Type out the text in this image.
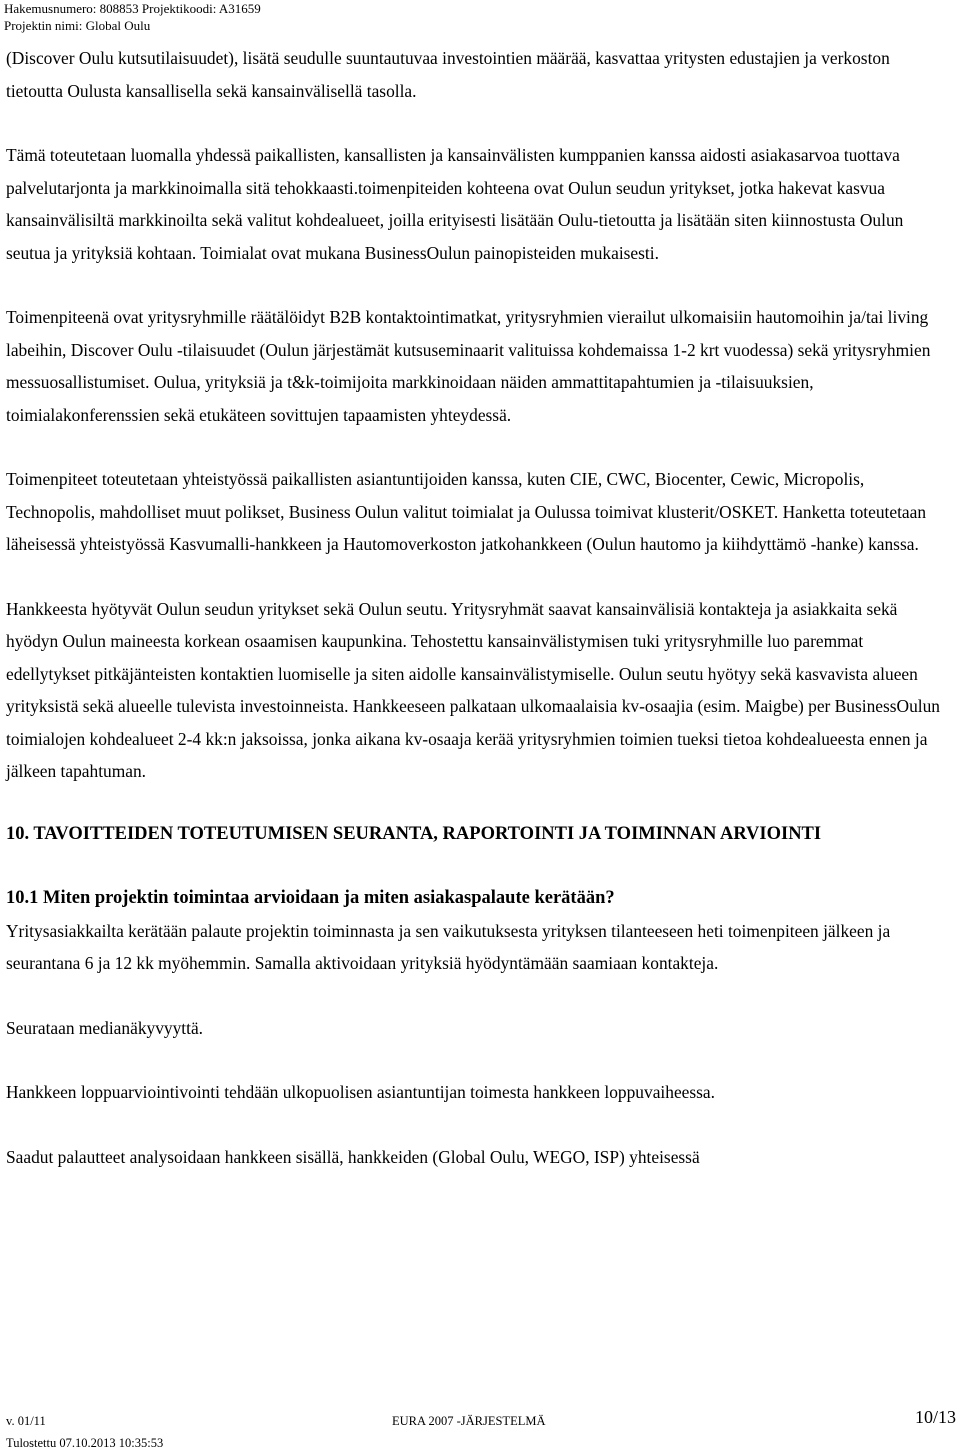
Hakemusnumero: 808853 Projektikoodi: A31659
Projektin nimi: Global Oulu

(Discover Oulu kutsutilaisuudet), lisätä seudulle suuntautuvaa investointien määrää, kasvattaa yritysten edustajien ja verkoston tietoutta Oulusta kansallisella sekä kansainvälisellä tasolla.

Tämä toteutetaan luomalla yhdessä paikallisten, kansallisten ja kansainvälisten kumppanien kanssa aidosti asiakasarvoa tuottava palvelutarjonta ja markkinoimalla sitä tehokkaasti.toimenpiteiden kohteena ovat Oulun seudun yritykset, jotka hakevat kasvua kansainvälisiltä markkinoilta sekä valitut kohdealueet, joilla erityisesti lisätään Oulu-tietoutta ja lisätään siten kiinnostusta Oulun seutua ja yrityksiä kohtaan. Toimialat ovat mukana BusinessOulun painopisteiden mukaisesti.

Toimenpiteenä ovat yritysryhmille räätälöidyt B2B kontaktointimatkat, yritysryhmien vierailut ulkomaisiin hautomoihin ja/tai living labeihin, Discover Oulu -tilaisuudet (Oulun järjestämät kutsuseminaarit valituissa kohdemaissa 1-2 krt vuodessa) sekä yritysryhmien messuosallistumiset. Oulua, yrityksiä ja t&k-toimijoita markkinoidaan näiden ammattitapahtumien ja -tilaisuuksien, toimialakonferenssien sekä etukäteen sovittujen tapaamisten yhteydessä.

Toimenpiteet toteutetaan yhteistyössä paikallisten asiantuntijoiden kanssa, kuten CIE, CWC, Biocenter, Cewic, Micropolis, Technopolis, mahdolliset muut polikset, Business Oulun valitut toimialat ja Oulussa toimivat klusterit/OSKET. Hanketta toteutetaan läheisessä yhteistyössä Kasvumalli-hankkeen ja Hautomoverkoston jatkohankkeen (Oulun hautomo ja kiihdyttämö -hanke) kanssa.

Hankkeesta hyötyvät Oulun seudun yritykset sekä Oulun seutu. Yritysryhmät saavat kansainvälisiä kontakteja ja asiakkaita sekä hyödyn Oulun maineesta korkean osaamisen kaupunkina. Tehostettu kansainvälistymisen tuki yritysryhmille luo paremmat edellytykset pitkäjänteisten kontaktien luomiselle ja siten aidolle kansainvälistymiselle. Oulun seutu hyötyy sekä kasvavista alueen yrityksistä sekä alueelle tulevista investoinneista. Hankkeeseen palkataan ulkomaalaisia kv-osaajia (esim. Maigbe) per BusinessOulun toimialojen kohdealueet 2-4 kk:n jaksoissa, jonka aikana kv-osaaja kerää yritysryhmien toimien tueksi tietoa kohdealueesta ennen ja jälkeen tapahtuman.

10. TAVOITTEIDEN TOTEUTUMISEN SEURANTA, RAPORTOINTI JA TOIMINNAN ARVIOINTI

10.1 Miten projektin toimintaa arvioidaan ja miten asiakaspalaute kerätään?

Yritysasiakkailta kerätään palaute projektin toiminnasta ja sen vaikutuksesta yrityksen tilanteeseen heti toimenpiteen jälkeen ja seurantana 6 ja 12 kk myöhemmin. Samalla aktivoidaan yrityksiä hyödyntämään saamiaan kontakteja.

Seurataan medianäkyvyyttä.

Hankkeen loppuarviointivointi tehdään ulkopuolisen asiantuntijan toimesta hankkeen loppuvaiheessa.

Saadut palautteet analysoidaan hankkeen sisällä, hankkeiden (Global Oulu, WEGO, ISP) yhteisessä

v. 01/11	EURA 2007 -JÄRJESTELMÄ	10/13
Tulostettu 07.10.2013 10:35:53
